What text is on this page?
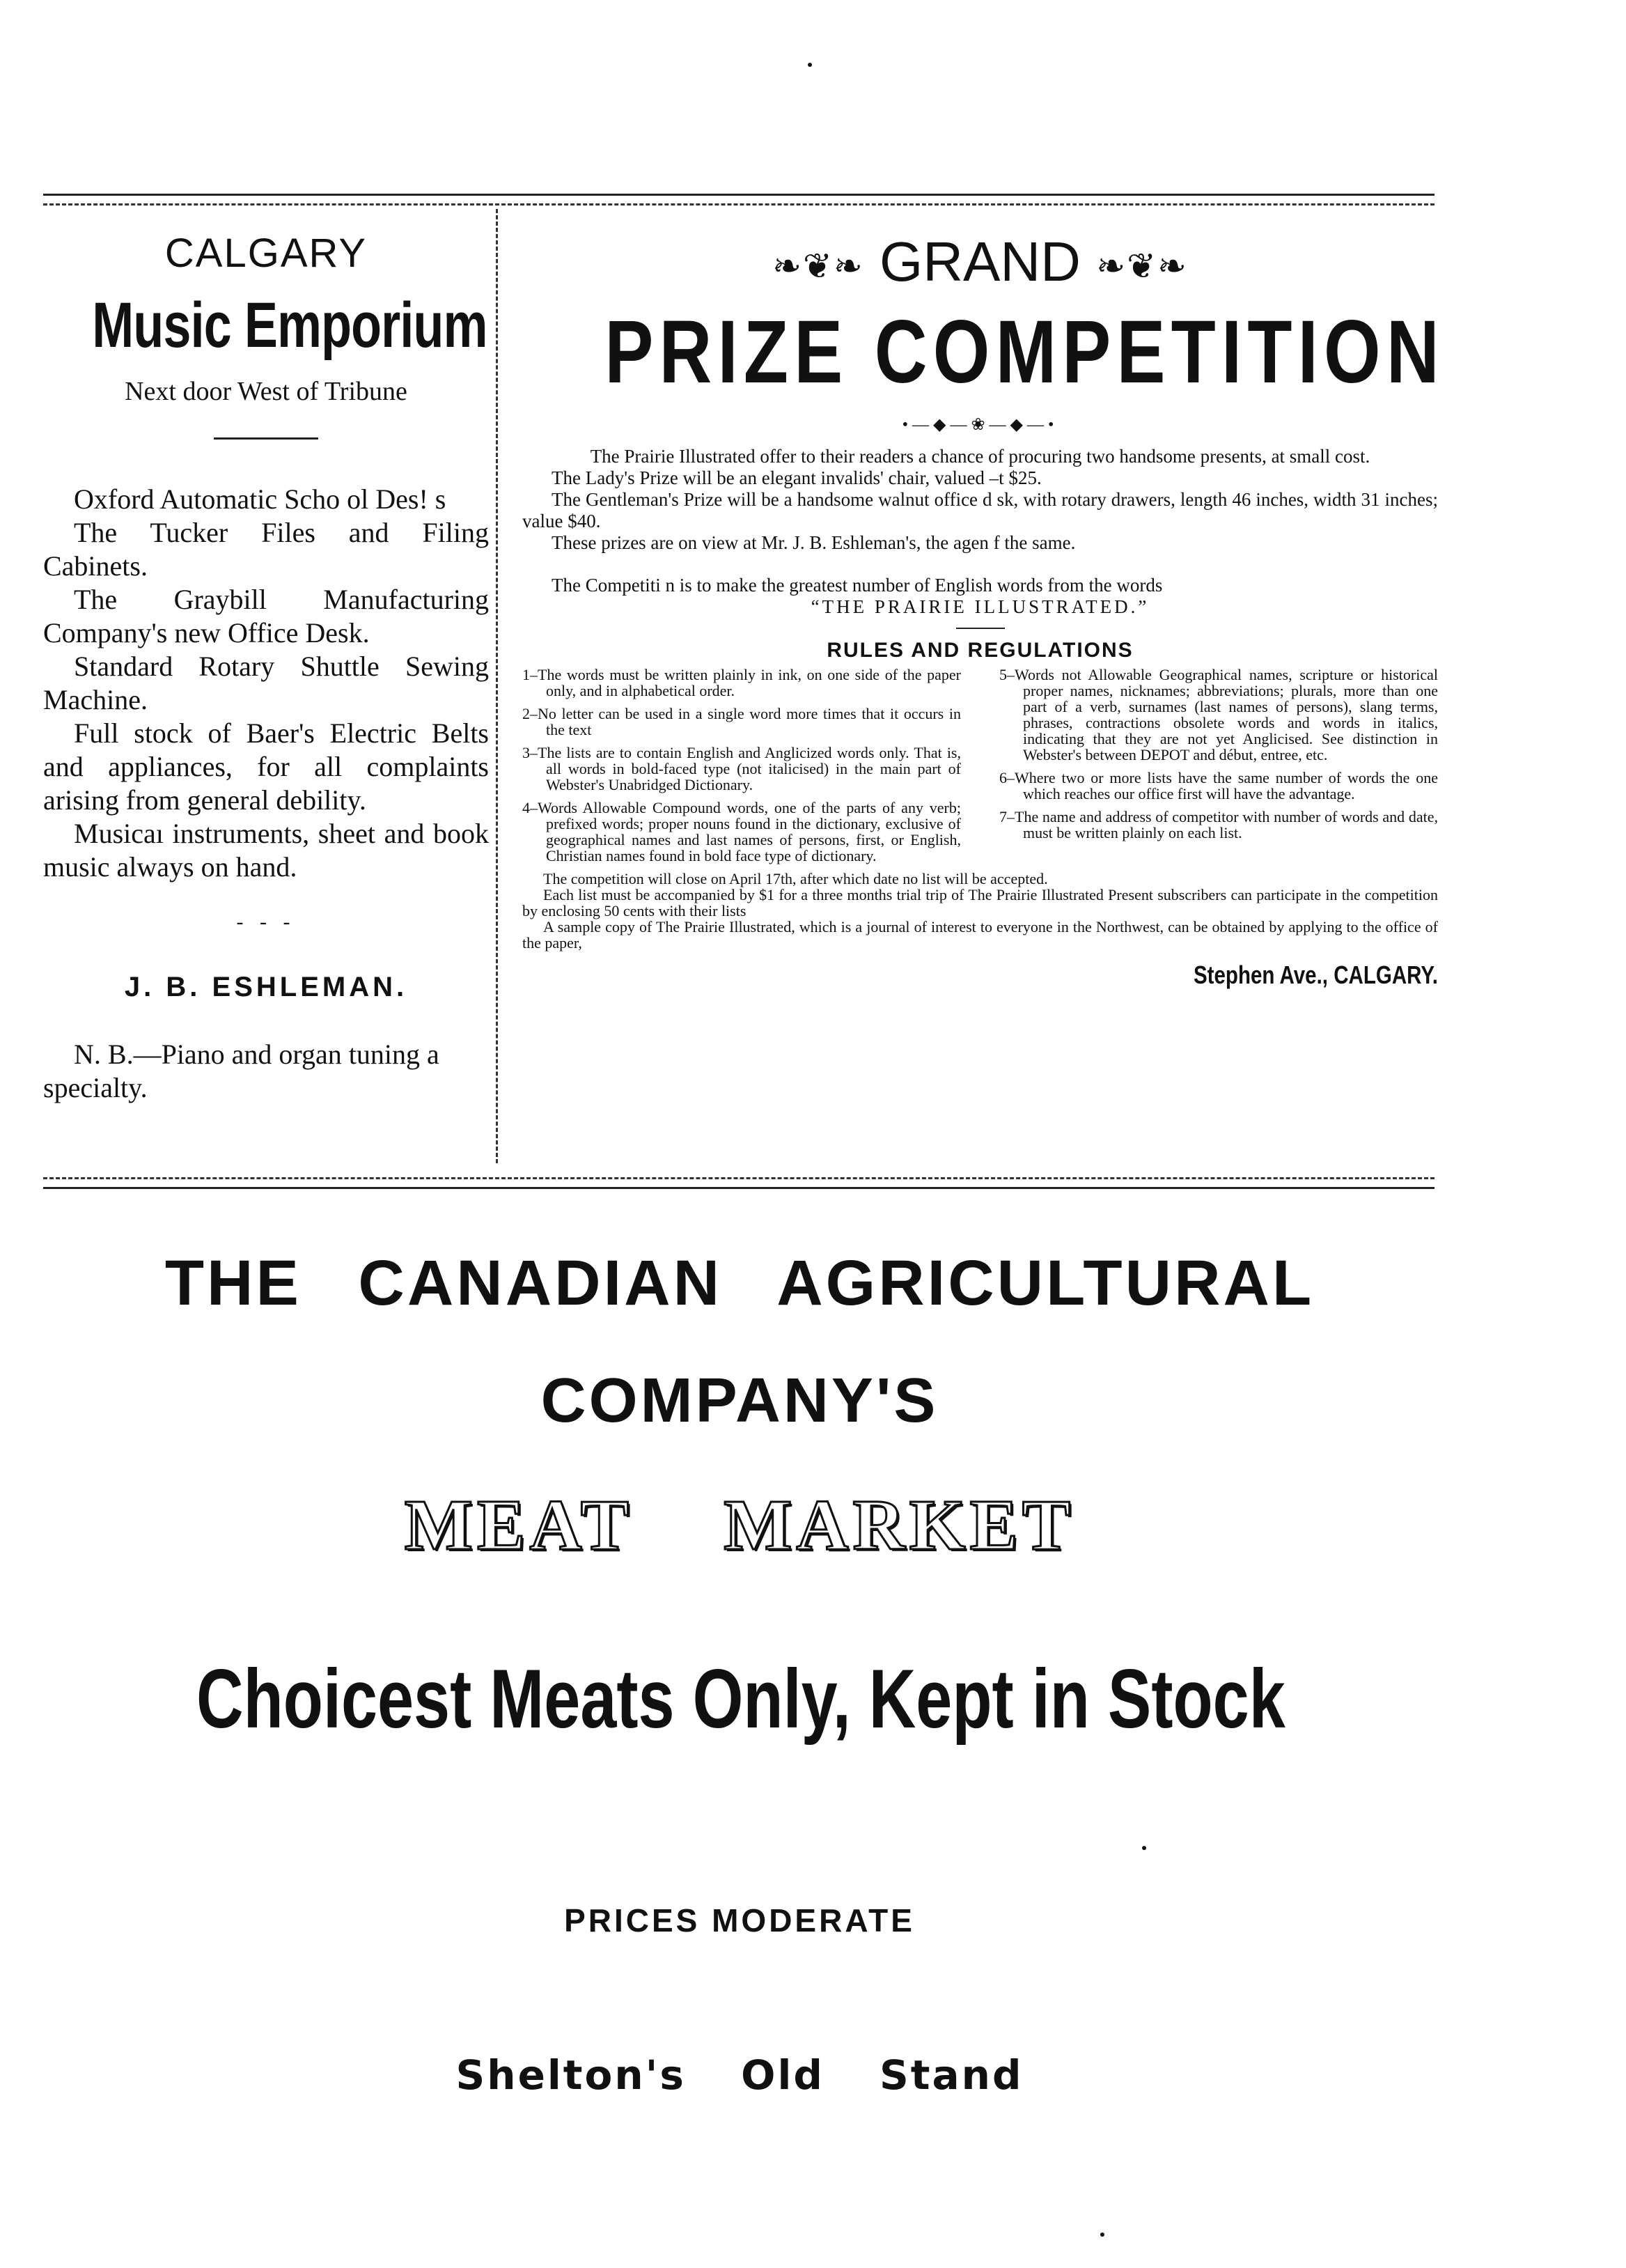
CALGARY

Music Emporium

Next door West of Tribune

Oxford Automatic Scho ol Des! s

The Tucker Files and Filing Cabinets.

The Graybill Manufacturing Company's new Office Desk.

Standard Rotary Shuttle Sewing Machine.

Full stock of Baer's Electric Belts and appliances, for all complaints arising from general debility.

Musicaı instruments, sheet and book music always on hand.

- - -

J. B. ESHLEMAN.

N. B.—Piano and organ tuning a specialty.

❧❦❧ GRAND ❧❦❧

PRIZE COMPETITION

•—◆—❀—◆—•

The Prairie Illustrated offer to their readers a chance of procuring two handsome presents, at small cost.

The Lady's Prize will be an elegant invalids' chair, valued –t $25.

The Gentleman's Prize will be a handsome walnut office d sk, with rotary drawers, length 46 inches, width 31 inches; value $40.

These prizes are on view at Mr. J. B. Eshleman's, the agen f the same.

The Competiti n is to make the greatest number of English words from the words

“THE PRAIRIE ILLUSTRATED.”

RULES AND REGULATIONS

1–The words must be written plainly in ink, on one side of the paper only, and in alphabetical order.

2–No letter can be used in a single word more times that it occurs in the text

3–The lists are to contain English and Anglicized words only. That is, all words in bold-faced type (not italicised) in the main part of Webster's Unabridged Dictionary.

4–Words Allowable Compound words, one of the parts of any verb; prefixed words; proper nouns found in the dictionary, exclusive of geographical names and last names of persons, first, or English, Christian names found in bold face type of dictionary.

5–Words not Allowable Geographical names, scripture or historical proper names, nicknames; abbreviations; plurals, more than one part of a verb, surnames (last names of persons), slang terms, phrases, contractions obsolete words and words in italics, indicating that they are not yet Anglicised. See distinction in Webster's between DEPOT and début, entree, etc.

6–Where two or more lists have the same number of words the one which reaches our office first will have the advantage.

7–The name and address of competitor with number of words and date, must be written plainly on each list.

The competition will close on April 17th, after which date no list will be accepted.

Each list must be accompanied by $1 for a three months trial trip of The Prairie Illustrated Present subscribers can participate in the competition by enclosing 50 cents with their lists

A sample copy of The Prairie Illustrated, which is a journal of interest to everyone in the Northwest, can be obtained by applying to the office of the paper,

Stephen Ave., CALGARY.

THE CANADIAN AGRICULTURAL

COMPANY'S

MEAT MARKET

Choicest Meats Only, Kept in Stock

PRICES MODERATE

Shelton's Old Stand
